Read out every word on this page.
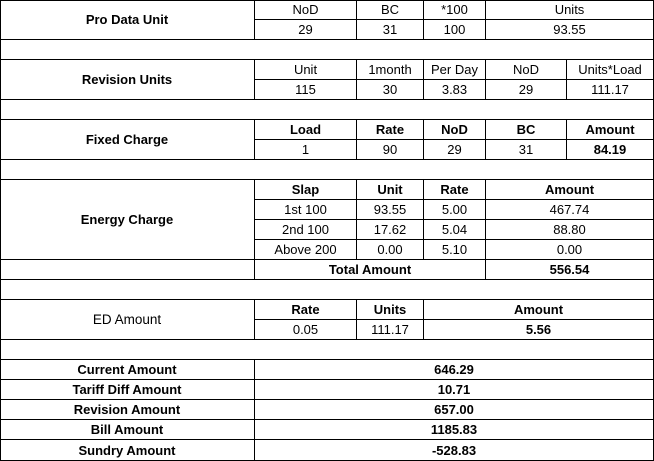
Pro Data Unit
NoD	BC	*100	Units
29	31	100	93.55
Revision Units
Unit	1month	Per Day	NoD	Units*Load
115	30	3.83	29	111.17
Fixed Charge
Load	Rate	NoD	BC	Amount
1	90	29	31	84.19
Energy Charge
Slap	Unit	Rate	Amount
1st 100	93.55	5.00	467.74
2nd 100	17.62	5.04	88.80
Above 200	0.00	5.10	0.00
Total Amount	556.54
ED Amount
Rate	Units	Amount
0.05	111.17	5.56
Current Amount	646.29
Tariff Diff Amount	10.71
Revision Amount	657.00
Bill Amount	1185.83
Sundry Amount	-528.83
